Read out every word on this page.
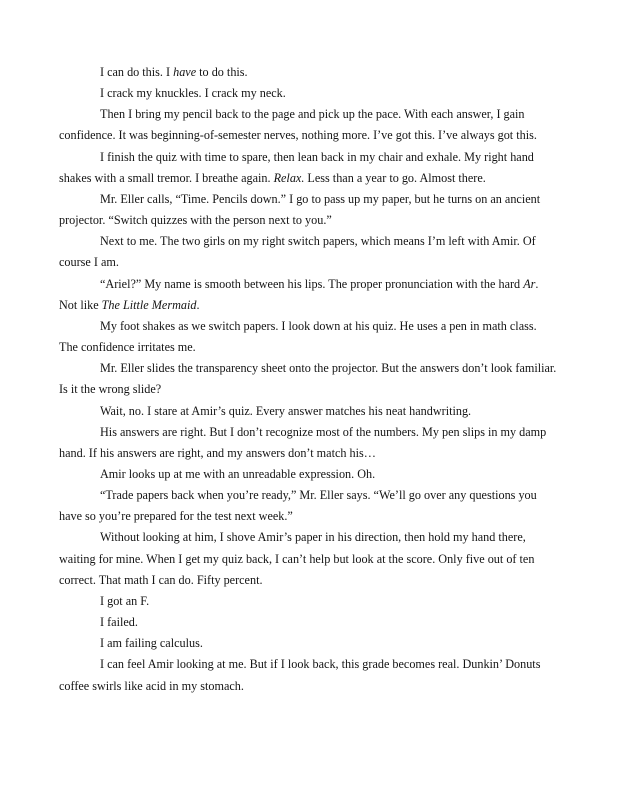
I can do this. I have to do this.

I crack my knuckles. I crack my neck.

Then I bring my pencil back to the page and pick up the pace. With each answer, I gain confidence. It was beginning-of-semester nerves, nothing more. I’ve got this. I’ve always got this.

I finish the quiz with time to spare, then lean back in my chair and exhale. My right hand shakes with a small tremor. I breathe again. Relax. Less than a year to go. Almost there.

Mr. Eller calls, “Time. Pencils down.” I go to pass up my paper, but he turns on an ancient projector. “Switch quizzes with the person next to you.”

Next to me. The two girls on my right switch papers, which means I’m left with Amir. Of course I am.

“Ariel?” My name is smooth between his lips. The proper pronunciation with the hard Ar. Not like The Little Mermaid.

My foot shakes as we switch papers. I look down at his quiz. He uses a pen in math class. The confidence irritates me.

Mr. Eller slides the transparency sheet onto the projector. But the answers don’t look familiar. Is it the wrong slide?

Wait, no. I stare at Amir’s quiz. Every answer matches his neat handwriting.

His answers are right. But I don’t recognize most of the numbers. My pen slips in my damp hand. If his answers are right, and my answers don’t match his…

Amir looks up at me with an unreadable expression. Oh.

“Trade papers back when you’re ready,” Mr. Eller says. “We’ll go over any questions you have so you’re prepared for the test next week.”

Without looking at him, I shove Amir’s paper in his direction, then hold my hand there, waiting for mine. When I get my quiz back, I can’t help but look at the score. Only five out of ten correct. That math I can do. Fifty percent.

I got an F.

I failed.

I am failing calculus.

I can feel Amir looking at me. But if I look back, this grade becomes real. Dunkin’ Donuts coffee swirls like acid in my stomach.
